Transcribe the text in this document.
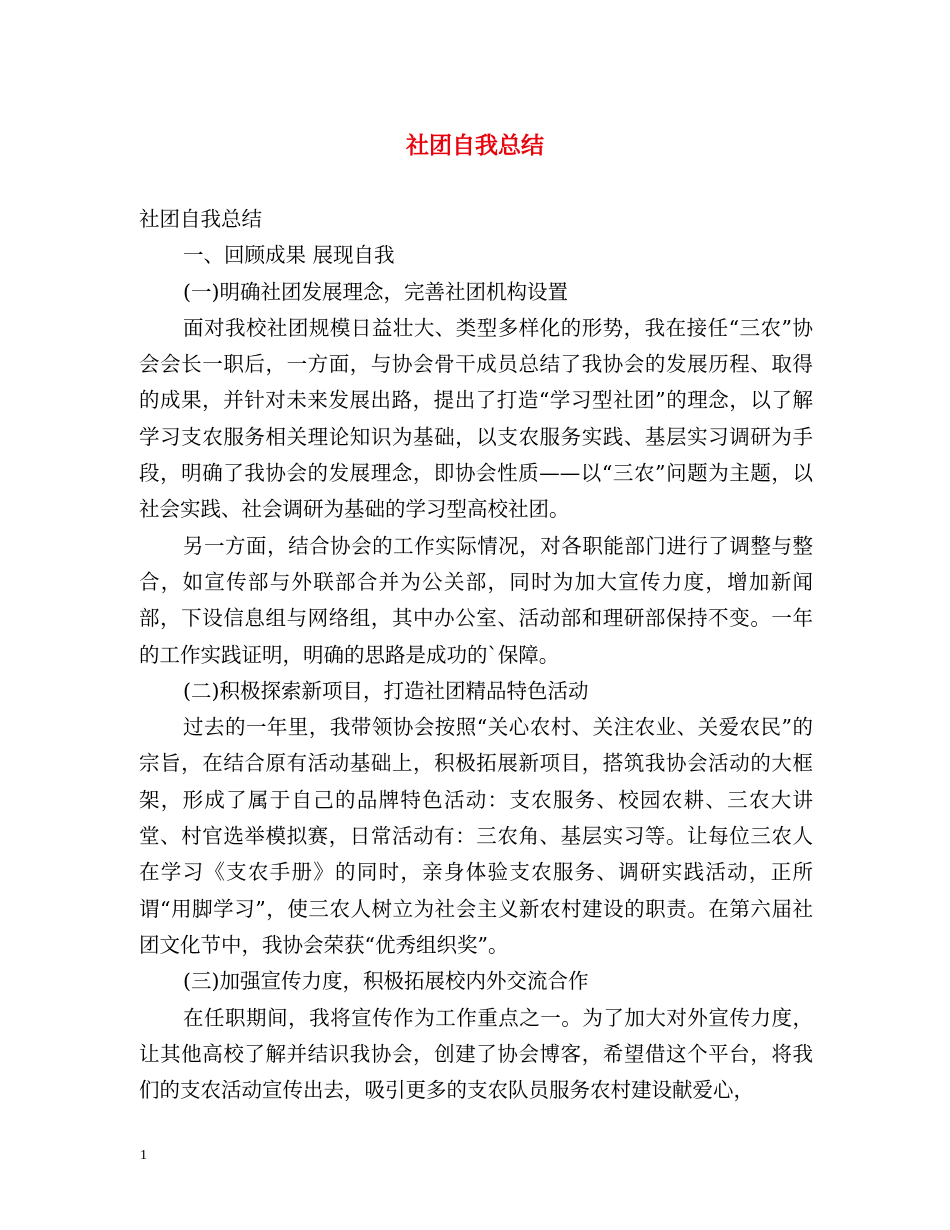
社团自我总结

社团自我总结

一、回顾成果 展现自我

(一)明确社团发展理念，完善社团机构设置

面对我校社团规模日益壮大、类型多样化的形势，我在接任“三农”协会会长一职后，一方面，与协会骨干成员总结了我协会的发展历程、取得的成果，并针对未来发展出路，提出了打造“学习型社团”的理念，以了解学习支农服务相关理论知识为基础，以支农服务实践、基层实习调研为手段，明确了我协会的发展理念，即协会性质——以“三农”问题为主题，以社会实践、社会调研为基础的学习型高校社团。

另一方面，结合协会的工作实际情况，对各职能部门进行了调整与整合，如宣传部与外联部合并为公关部，同时为加大宣传力度，增加新闻部，下设信息组与网络组，其中办公室、活动部和理研部保持不变。一年的工作实践证明，明确的思路是成功的`保障。

(二)积极探索新项目，打造社团精品特色活动

过去的一年里，我带领协会按照“关心农村、关注农业、关爱农民”的宗旨，在结合原有活动基础上，积极拓展新项目，搭筑我协会活动的大框架，形成了属于自己的品牌特色活动：支农服务、校园农耕、三农大讲堂、村官选举模拟赛，日常活动有：三农角、基层实习等。让每位三农人在学习《支农手册》的同时，亲身体验支农服务、调研实践活动，正所谓“用脚学习”，使三农人树立为社会主义新农村建设的职责。在第六届社团文化节中，我协会荣获“优秀组织奖”。

(三)加强宣传力度，积极拓展校内外交流合作

在任职期间，我将宣传作为工作重点之一。为了加大对外宣传力度，让其他高校了解并结识我协会，创建了协会博客，希望借这个平台，将我们的支农活动宣传出去，吸引更多的支农队员服务农村建设献爱心，

1
